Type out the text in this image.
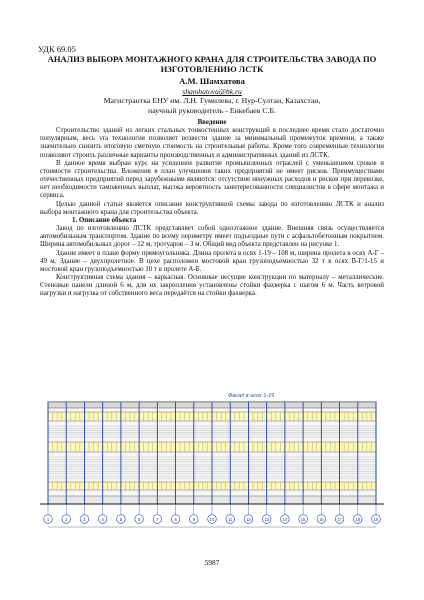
УДК 69.05
АНАЛИЗ ВЫБОРА МОНТАЖНОГО КРАНА ДЛЯ СТРОИТЕЛЬСТВА ЗАВОДА ПО ИЗГОТОВЛЕНИЮ ЛСТК
А.М. Шамхатова
shamhatova@bk.ru
Магистрантка ЕНУ им. Л.Н. Гумилева, г. Нур-Султан, Казахстан,
научный руководитель - Енкебаев С.Б.

Введение

Строительство зданий из легких стальных тонкостенных конструкций в последнее время стало достаточно популярным, весь эта технология позволяет возвести здание за минимальный промежуток времени, а также значительно снизить итоговую сметную стоимость на строительные работы. Кроме того современные технологии позволяют строить различные варианты производственных и административных зданий из ЛСТК.

В данное время выбран курс на усиленное развитие промышленных отраслей с уменьшением сроков и стоимости строительства. Вложения в план улучшения таких предприятий не имеет рисков. Преимуществами отечественных предприятий перед зарубежными являются: отсутствие ненужных расходов и рисков при перевозке, нет необходимости таможенных выплат, высока вероятность заинтересованности специалистов в сфере монтажа и сервиса.

Целью данной статьи является описание конструктивной схемы завода по изготовлению ЛСТК и анализ выбора монтажного крана для строительства объекта.

1. Описание объекта

Завод по изготовлению ЛСТК представляет собой одноэтажное здание. Внешняя связь осуществляется автомобильным транспортом. Здание по всему периметру имеет подъездные пути с асфальтобетонным покрытием. Ширина автомобильных дорог – 12 м, тротуаров – 3 м. Общий вид объекта представлен на рисунке 1.

Здание имеет в плане форму прямоугольника. Длина пролета в осях 1-19 – 108 м, ширина пролета в осях А-Г – 49 м. Здание – двухпролетное. В цехе расположен мостовой кран грузоподъемностью 32 т в осях В-Г/1-15 и мостовой кран грузоподъемностью 10 т в пролете А-Б.

Конструктивная схема здания – каркасная. Основные несущие конструкции по материалу – металлические. Стеновые панели длиной 6 м, для их закрепления установлены стойки фахверка с шагом 6 м. Часть ветровой нагрузки и нагрузка от собственного веса передаётся на стойки фахверка.

Фасад в осях 1-19
1	2	3	4	5	6	7	8	9	10	11	12	13	14	15	16	17	18	19
5987
